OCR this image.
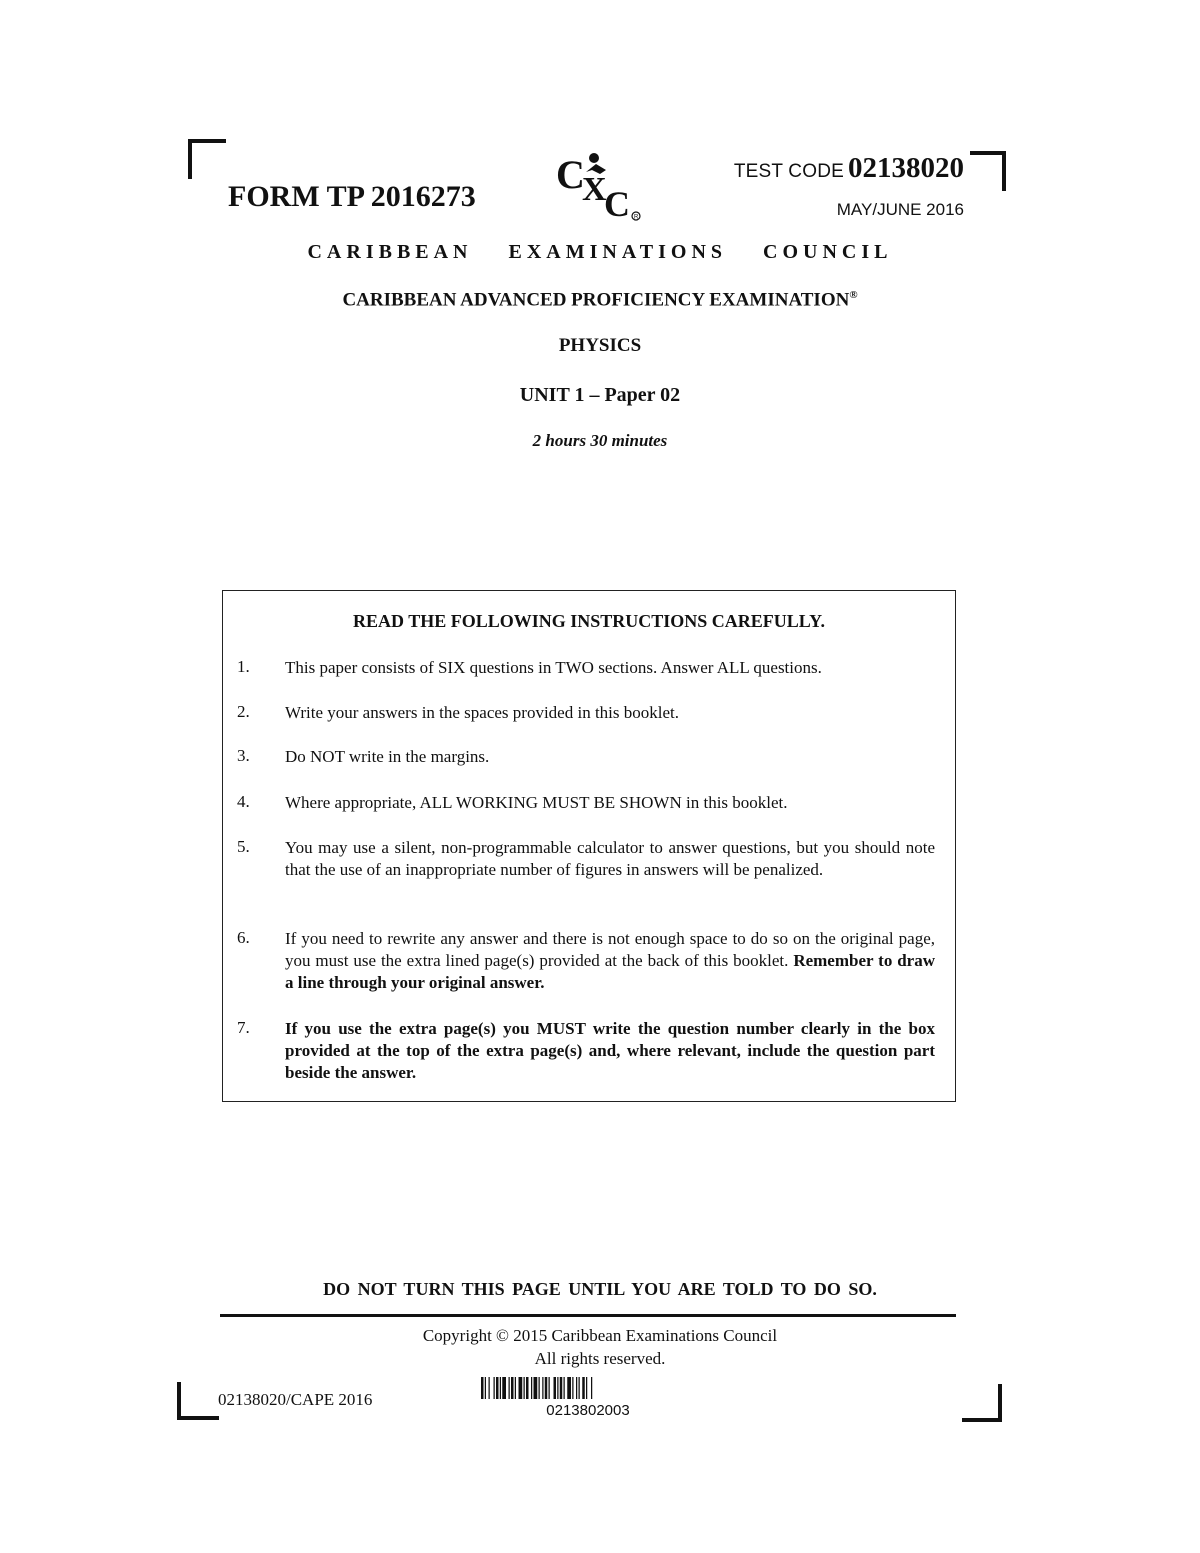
FORM TP 2016273 C
X
C R
TEST CODE 02138020
MAY/JUNE 2016
CARIBBEAN EXAMINATIONS COUNCIL
CARIBBEAN ADVANCED PROFICIENCY EXAMINATION®
PHYSICS
UNIT 1 – Paper 02
2 hours 30 minutes
READ THE FOLLOWING INSTRUCTIONS CAREFULLY.
1. This paper consists of SIX questions in TWO sections. Answer ALL questions.
2. Write your answers in the spaces provided in this booklet.
3. Do NOT write in the margins.
4. Where appropriate, ALL WORKING MUST BE SHOWN in this booklet.
5. You may use a silent, non-programmable calculator to answer questions, but you should note that the use of an inappropriate number of figures in answers will be penalized.
6. If you need to rewrite any answer and there is not enough space to do so on the original page, you must use the extra lined page(s) provided at the back of this booklet. Remember to draw a line through your original answer.
7. If you use the extra page(s) you MUST write the question number clearly in the box provided at the top of the extra page(s) and, where relevant, include the question part beside the answer.
DO NOT TURN THIS PAGE UNTIL YOU ARE TOLD TO DO SO.
Copyright © 2015 Caribbean Examinations Council
All rights reserved.
02138020/CAPE 2016
0213802003
